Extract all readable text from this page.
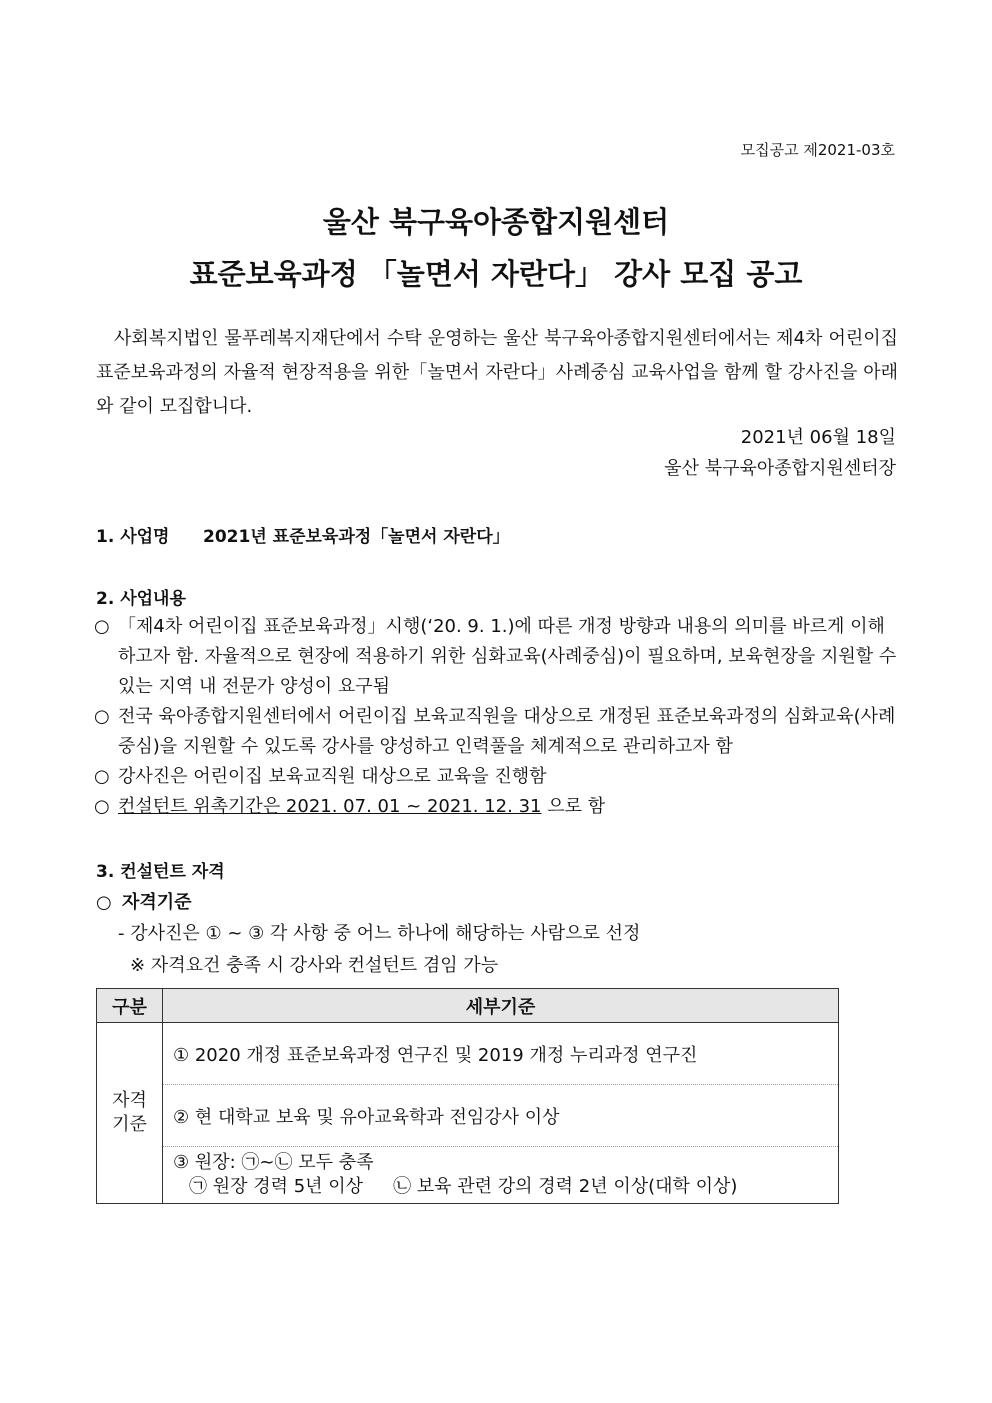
모집공고 제2021-03호
울산 북구육아종합지원센터
표준보육과정 「놀면서 자란다」 강사 모집 공고

사회복지법인 물푸레복지재단에서 수탁 운영하는 울산 북구육아종합지원센터에서는 제4차 어린이집 표준보육과정의 자율적 현장적용을 위한「놀면서 자란다」사례중심 교육사업을 함께 할 강사진을 아래와 같이 모집합니다.

2021년 06월 18일
울산 북구육아종합지원센터장
1. 사업명 2021년 표준보육과정「놀면서 자란다」
2. 사업내용
○ 「제4차 어린이집 표준보육과정」시행(‘20. 9. 1.)에 따른 개정 방향과 내용의 의미를 바르게 이해하고자 함. 자율적으로 현장에 적용하기 위한 심화교육(사례중심)이 필요하며, 보육현장을 지원할 수 있는 지역 내 전문가 양성이 요구됨
○ 전국 육아종합지원센터에서 어린이집 보육교직원을 대상으로 개정된 표준보육과정의 심화교육(사례중심)을 지원할 수 있도록 강사를 양성하고 인력풀을 체계적으로 관리하고자 함
○ 강사진은 어린이집 보육교직원 대상으로 교육을 진행함
○ 컨설턴트 위촉기간은 2021. 07. 01 ~ 2021. 12. 31 으로 함
3. 컨설턴트 자격
○ 자격기준
- 강사진은 ① ~ ③ 각 사항 중 어느 하나에 해당하는 사람으로 선정
※ 자격요건 충족 시 강사와 컨설턴트 겸임 가능
구분	세부기준

자격
기준	① 2020 개정 표준보육과정 연구진 및 2019 개정 누리과정 연구진
	② 현 대학교 보육 및 유아교육학과 전임강사 이상

	③ 원장: ㉠~㉡ 모두 충족
㉠ 원장 경력 5년 이상 ㉡ 보육 관련 강의 경력 2년 이상(대학 이상)
